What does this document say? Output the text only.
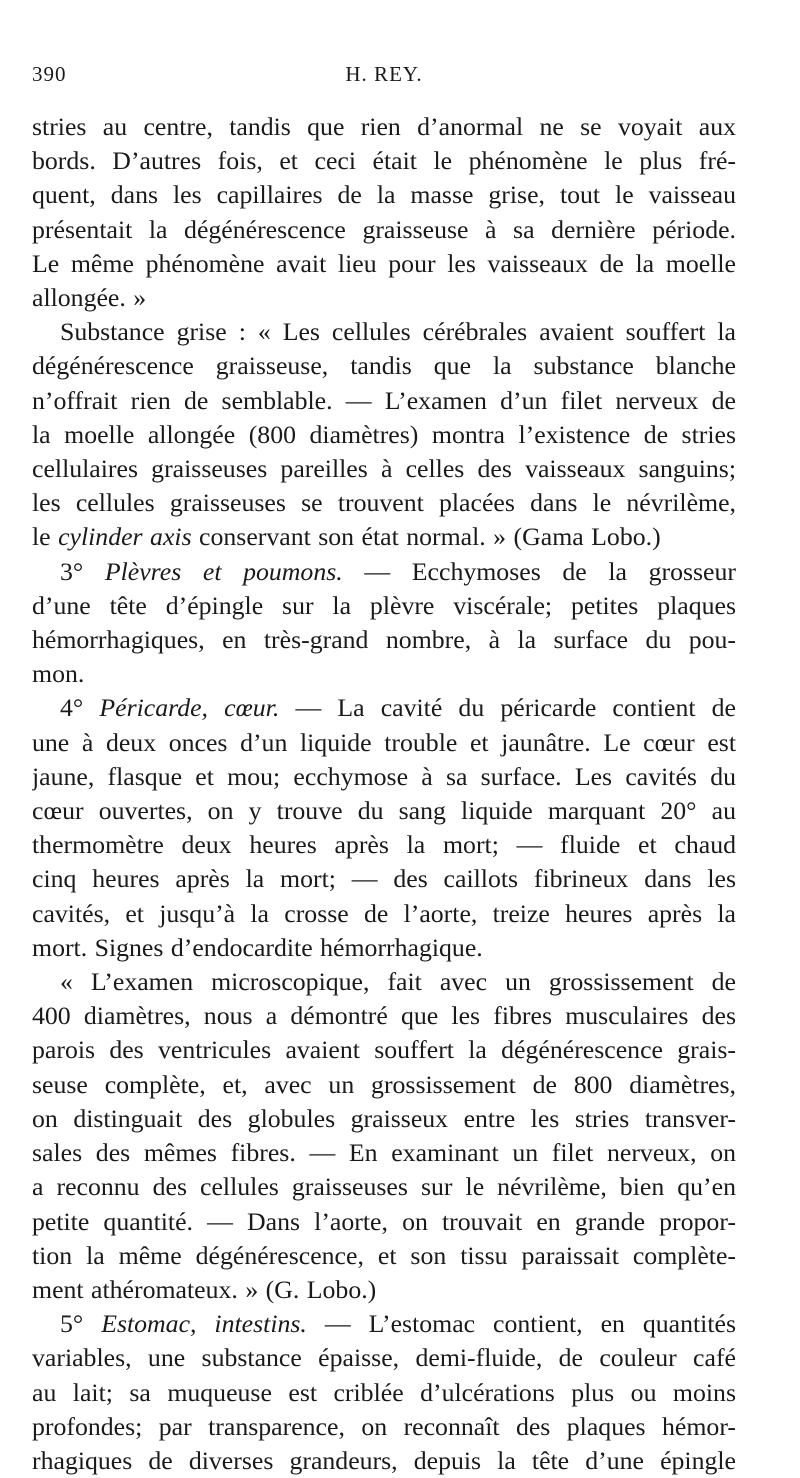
390	H. REY.
stries au centre, tandis que rien d’anormal ne se voyait aux
bords. D’autres fois, et ceci était le phénomène le plus fré-
quent, dans les capillaires de la masse grise, tout le vaisseau
présentait la dégénérescence graisseuse à sa dernière période.
Le même phénomène avait lieu pour les vaisseaux de la moelle
allongée. »
Substance grise : « Les cellules cérébrales avaient souffert la
dégénérescence graisseuse, tandis que la substance blanche
n’offrait rien de semblable. — L’examen d’un filet nerveux de
la moelle allongée (800 diamètres) montra l’existence de stries
cellulaires graisseuses pareilles à celles des vaisseaux sanguins;
les cellules graisseuses se trouvent placées dans le névrilème,
le cylinder axis conservant son état normal. » (Gama Lobo.)
3° Plèvres et poumons. — Ecchymoses de la grosseur
d’une tête d’épingle sur la plèvre viscérale; petites plaques
hémorrhagiques, en très-grand nombre, à la surface du pou-
mon.
4° Péricarde, cœur. — La cavité du péricarde contient de
une à deux onces d’un liquide trouble et jaunâtre. Le cœur est
jaune, flasque et mou; ecchymose à sa surface. Les cavités du
cœur ouvertes, on y trouve du sang liquide marquant 20° au
thermomètre deux heures après la mort; — fluide et chaud
cinq heures après la mort; — des caillots fibrineux dans les
cavités, et jusqu’à la crosse de l’aorte, treize heures après la
mort. Signes d’endocardite hémorrhagique.
« L’examen microscopique, fait avec un grossissement de
400 diamètres, nous a démontré que les fibres musculaires des
parois des ventricules avaient souffert la dégénérescence grais-
seuse complète, et, avec un grossissement de 800 diamètres,
on distinguait des globules graisseux entre les stries transver-
sales des mêmes fibres. — En examinant un filet nerveux, on
a reconnu des cellules graisseuses sur le névrilème, bien qu’en
petite quantité. — Dans l’aorte, on trouvait en grande propor-
tion la même dégénérescence, et son tissu paraissait complète-
ment athéromateux. » (G. Lobo.)
5° Estomac, intestins. — L’estomac contient, en quantités
variables, une substance épaisse, demi-fluide, de couleur café
au lait; sa muqueuse est criblée d’ulcérations plus ou moins
profondes; par transparence, on reconnaît des plaques hémor-
rhagiques de diverses grandeurs, depuis la tête d’une épingle
